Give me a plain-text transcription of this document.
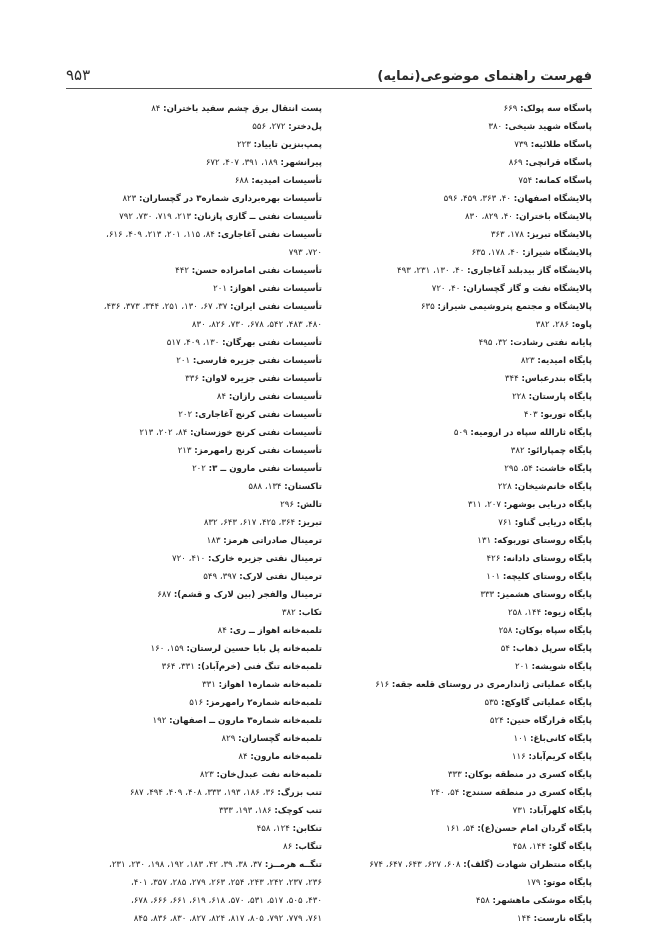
فهرست راهنمای موضوعی(نمایه)
۹۵۳
پاسگاه سه پولک: ۶۶۹
پاسگاه شهید شیخی: ۳۸۰
پاسگاه طلائیه: ۷۳۹
پاسگاه قرانچی: ۸۶۹
پاسگاه کمانه: ۷۵۴
پالایشگاه اصفهان: ۴۰، ۳۶۳، ۴۵۹، ۵۹۶
پالایشگاه باختران: ۴۰، ۸۲۹، ۸۳۰
پالایشگاه تبریز: ۱۷۸، ۳۶۳
پالایشگاه شیراز: ۴۰، ۱۷۸، ۶۳۵
پالایشگاه گاز بیدبلند آغاجاری: ۴۰، ۱۳۰، ۲۳۱، ۴۹۳
پالایشگاه نفت و گاز گچساران: ۴۰، ۷۲۰
پالایشگاه و مجتمع پتروشیمی شیراز: ۶۳۵
پاوه: ۲۸۶، ۳۸۲
پایانه نفتی رشادت: ۳۲، ۴۹۵
پایگاه امیدیه: ۸۲۳
پایگاه بندرعباس: ۳۴۴
پایگاه پارستان: ۲۲۸
پایگاه توربو: ۴۰۳
پایگاه ثارالله سپاه در ارومیه: ۵۰۹
پایگاه چمپارائو: ۳۸۲
پایگاه خاشت: ۵۴، ۲۹۵
پایگاه خانم‌شیخان: ۲۲۸
پایگاه دریایی بوشهر: ۲۰۷، ۳۱۱
پایگاه دریایی گناو: ۷۶۱
پایگاه روستای توربوکه: ۱۳۱
پایگاه روستای دادانه: ۴۲۶
پایگاه روستای کلیچه: ۱۰۱
پایگاه روستای هشمیز: ۳۳۳
پایگاه زیوه: ۱۴۴، ۲۵۸
پایگاه سپاه بوکان: ۲۵۸
پایگاه سرپل ذهاب: ۵۴
پایگاه شویشه: ۲۰۱
پایگاه عملیاتی ژاندارمری در روستای قلعه جقه: ۶۱۶
پایگاه عملیاتی گاوکچ: ۵۳۵
پایگاه قرارگاه حنین: ۵۲۴
پایگاه کانی‌باغ: ۱۰۱
پایگاه کریم‌آباد: ۱۱۶
پایگاه کسری در منطقه بوکان: ۳۳۳
پایگاه کسری در منطقه سنندج: ۵۴، ۲۴۰
پایگاه کلهرآباد: ۷۳۱
پایگاه گردان امام حسن(ع): ۵۴، ۱۶۱
پایگاه گلو: ۱۴۴، ۴۵۸
پایگاه منتظران شهادت (گلف): ۶۰۸، ۶۲۷، ۶۴۳، ۶۴۷، ۶۷۴
پایگاه موتو: ۱۷۹
پایگاه موشکی ماهشهر: ۴۵۸
پایگاه نارست: ۱۴۴
پست انتقال برق چشم سفید باختران: ۸۴
پل‌دختر: ۲۷۲، ۵۵۶
پمپ‌بنزین تاییاد: ۲۲۳
پیرانشهر: ۱۸۹، ۳۹۱، ۴۰۷، ۶۷۲
تأسیسات امیدیه: ۶۸۸
تأسیسات بهره‌برداری شماره۳ در گچساران: ۸۲۳
تأسیسات نفتی ــ گازی پازنان: ۲۱۳، ۷۱۹، ۷۳۰، ۷۹۲
تأسیسات نفتی آغاجاری: ۸۴، ۱۱۵، ۲۰۱، ۲۱۳، ۴۰۹، ۶۱۶،
۷۲۰، ۷۹۳
تأسیسات نفتی امامزاده حسن: ۴۴۲
تأسیسات نفتی اهواز: ۲۰۱
تأسیسات نفتی ایران: ۳۷، ۶۷، ۱۳۰، ۲۵۱، ۳۴۴، ۳۷۳، ۴۳۶،
۴۸۰، ۴۸۳، ۵۴۲، ۶۷۸، ۷۳۰، ۸۲۶، ۸۳۰
تأسیسات نفتی بهرگان: ۱۳۰، ۴۰۹، ۵۱۷
تأسیسات نفتی جزیره فارسی: ۲۰۱
تأسیسات نفتی جزیره لاوان: ۳۳۶
تأسیسات نفتی رازان: ۸۴
تأسیسات نفتی کرنج آغاجاری: ۲۰۲
تأسیسات نفتی کرنج خوزستان: ۸۴، ۲۰۲، ۲۱۳
تأسیسات نفتی کرنج رامهرمز: ۲۱۳
تأسیسات نفتی مارون ــ ۳: ۲۰۲
تاکستان: ۱۳۴، ۵۸۸
تالش: ۲۹۶
تبریز: ۳۶۴، ۴۲۵، ۶۱۷، ۶۴۳، ۸۳۲
ترمینال صادراتی هرمز: ۱۸۳
ترمینال نفتی جزیره خارک: ۴۱۰، ۷۲۰
ترمینال نفتی لارک: ۳۹۷، ۵۴۹
ترمینال والفجر (بین لارک و قشم): ۶۸۷
تکاب: ۳۸۲
تلمبه‌خانه اهواز ــ ری: ۸۴
تلمبه‌خانه پل بابا حسین لرستان: ۱۵۹، ۱۶۰
تلمبه‌خانه تنگ فنی (خرم‌آباد): ۳۳۱، ۳۶۴
تلمبه‌خانه شماره۱ اهواز: ۳۳۱
تلمبه‌خانه شماره۲ رامهرمز: ۵۱۶
تلمبه‌خانه شماره۳ مارون ــ اصفهان: ۱۹۲
تلمبه‌خانه گچساران: ۸۲۹
تلمبه‌خانه مارون: ۸۴
تلمبه‌خانه نفت عبدل‌خان: ۸۲۳
تنب بزرگ: ۳۶، ۱۸۶، ۱۹۳، ۳۳۳، ۴۰۸، ۴۰۹، ۴۹۴، ۶۸۷
تنب کوچک: ۱۸۶، ۱۹۳، ۳۳۳
تنکابن: ۱۲۴، ۴۵۸
تنگاب: ۸۶
تنگــه هرمــز: ۳۷، ۳۸، ۳۹، ۴۲، ۱۸۳، ۱۹۲، ۱۹۸، ۲۳۰، ۲۳۱،
۲۳۶، ۲۳۷، ۲۴۲، ۲۴۳، ۲۵۴، ۲۶۳، ۲۷۹، ۲۸۵، ۳۵۷، ۴۰۱،
۴۳۰، ۵۰۵، ۵۱۷، ۵۳۱، ۵۷۰، ۶۱۸، ۶۱۹، ۶۶۱، ۶۶۶، ۶۷۸،
۷۶۱، ۷۷۹، ۷۹۲، ۸۰۵، ۸۱۷، ۸۲۴، ۸۲۷، ۸۳۰، ۸۳۶، ۸۴۵
